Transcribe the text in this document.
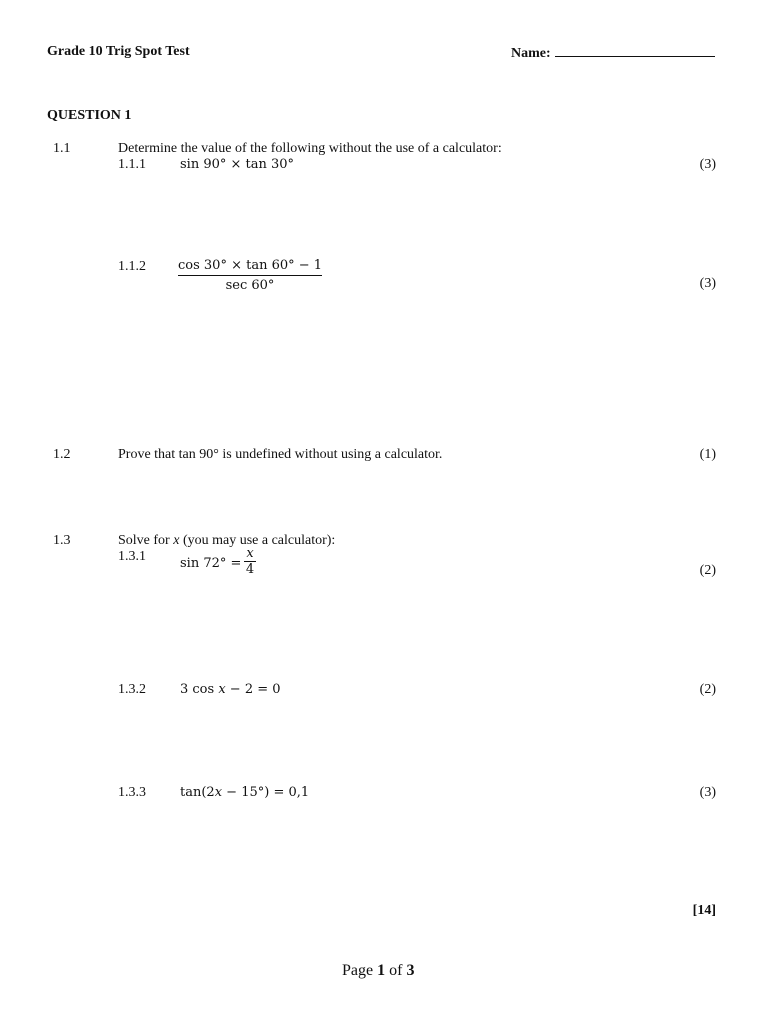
Grade 10 Trig Spot Test	Name:
QUESTION 1
1.1	Determine the value of the following without the use of a calculator:
1.1.1	sin 90° × tan 30°	(3)
1.1.2 cos 30° × tan 60° − 1
sec 60°	(3)
1.2	Prove that tan 90° is undefined without using a calculator.	(1)
1.3	Solve for x (you may use a calculator):
1.3.1	sin 72° =
x
4	(2)
1.3.2	3 cos x − 2 = 0	(2)
1.3.3	tan(2x − 15°) = 0,1	(3)
[14]
Page 1 of 3
